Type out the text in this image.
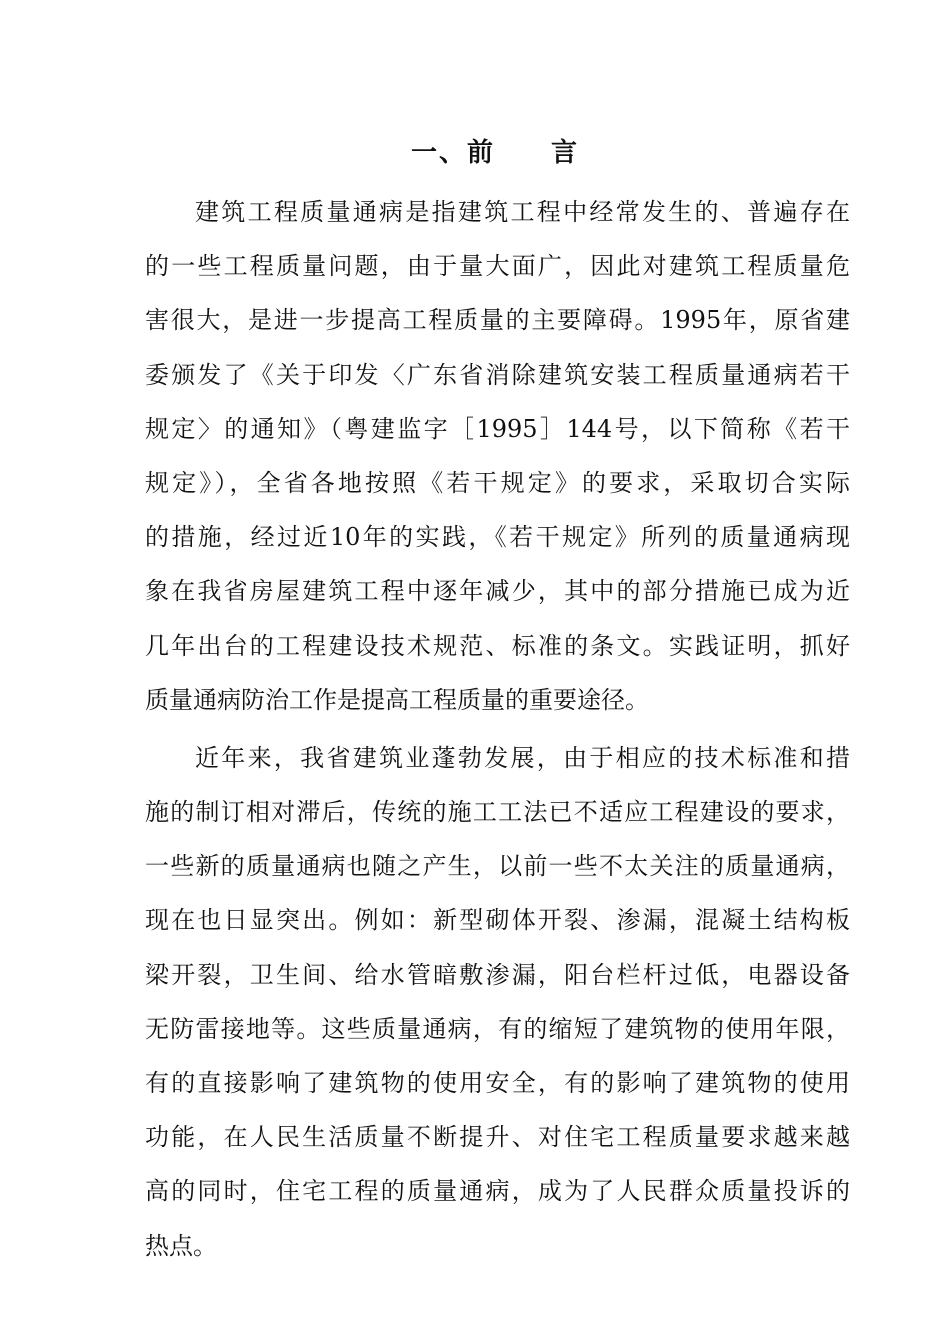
一、前　　言
建筑工程质量通病是指建筑工程中经常发生的、普遍存在
的一些工程质量问题，由于量大面广，因此对建筑工程质量危
害很大，是进一步提高工程质量的主要障碍。1995年，原省建
委颁发了《关于印发〈广东省消除建筑安装工程质量通病若干
规定〉的通知》（粤建监字［1995］144号，以下简称《若干
规定》），全省各地按照《若干规定》的要求，采取切合实际
的措施，经过近10年的实践，《若干规定》所列的质量通病现
象在我省房屋建筑工程中逐年减少，其中的部分措施已成为近
几年出台的工程建设技术规范、标准的条文。实践证明，抓好
质量通病防治工作是提高工程质量的重要途径。
近年来，我省建筑业蓬勃发展，由于相应的技术标准和措
施的制订相对滞后，传统的施工工法已不适应工程建设的要求，
一些新的质量通病也随之产生，以前一些不太关注的质量通病，
现在也日显突出。例如：新型砌体开裂、渗漏，混凝土结构板
梁开裂，卫生间、给水管暗敷渗漏，阳台栏杆过低，电器设备
无防雷接地等。这些质量通病，有的缩短了建筑物的使用年限，
有的直接影响了建筑物的使用安全，有的影响了建筑物的使用
功能，在人民生活质量不断提升、对住宅工程质量要求越来越
高的同时，住宅工程的质量通病，成为了人民群众质量投诉的
热点。
